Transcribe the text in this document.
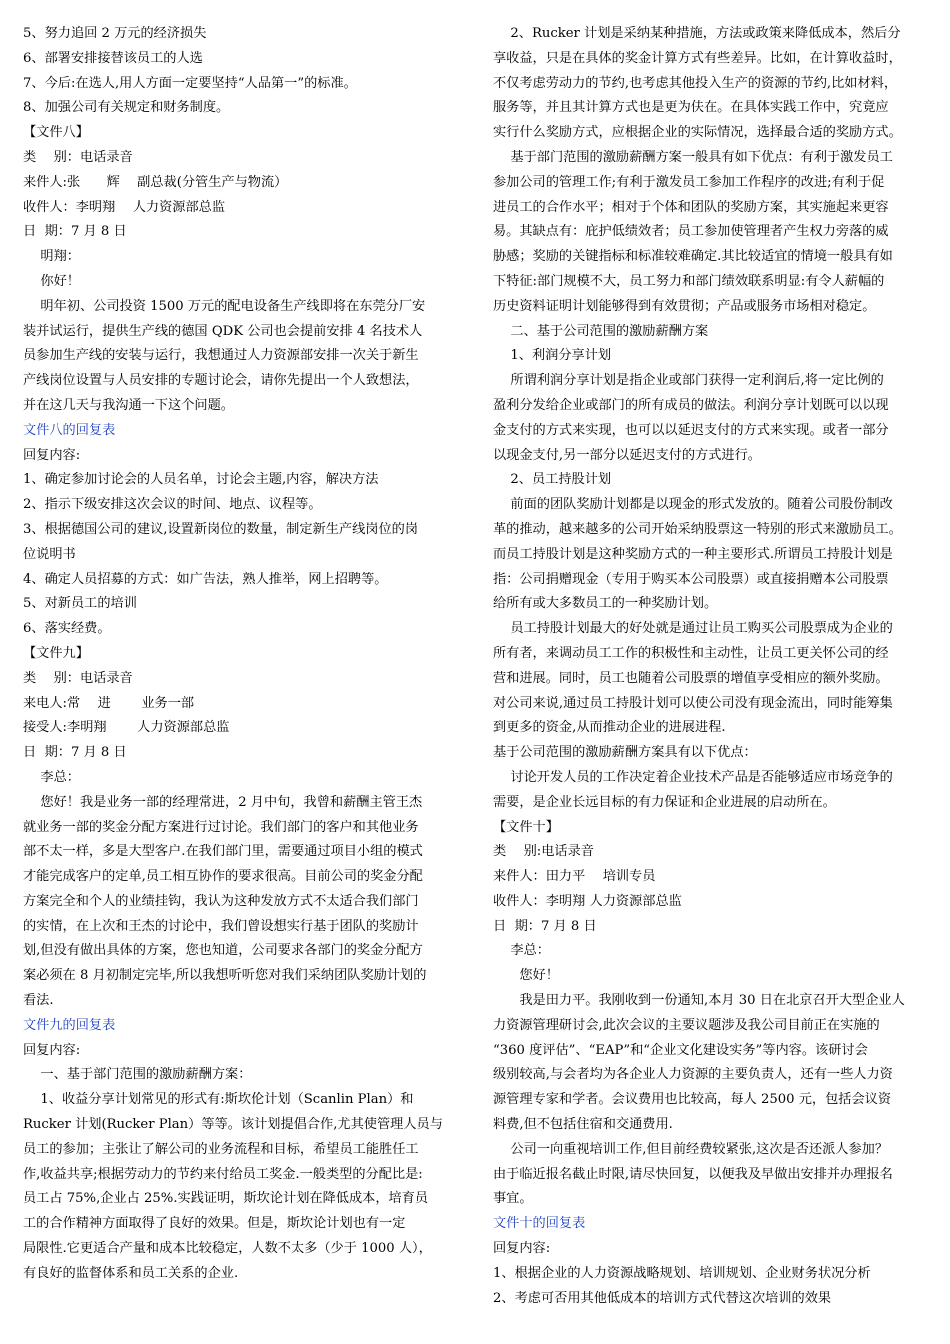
5、努力追回 2 万元的经济损失
6、部署安排接替该员工的人选
7、今后:在选人,用人方面一定要坚持“人品第一”的标准。
8、加强公司有关规定和财务制度。
【文件八】
类　 别：电话录音
来件人:张　　辉　 副总裁(分管生产与物流）
收件人：李明翔　 人力资源部总监
日  期：7 月 8 日
　 明翔：
　 你好！
　 明年初、公司投资 1500 万元的配电设备生产线即将在东莞分厂安
装并试运行，提供生产线的德国 QDK 公司也会提前安排 4 名技术人
员参加生产线的安装与运行，我想通过人力资源部安排一次关于新生
产线岗位设置与人员安排的专题讨论会，请你先提出一个人致想法，
并在这几天与我沟通一下这个问题。
文件八的回复表
回复内容:
1、确定参加讨论会的人员名单，讨论会主题,内容，解决方法
2、指示下级安排这次会议的时间、地点、议程等。
3、根据德国公司的建议,设置新岗位的数量，制定新生产线岗位的岗
位说明书
4、确定人员招募的方式：如广告法，熟人推举，网上招聘等。
5、对新员工的培训
6、落实经费。
【文件九】
类　 别：电话录音
来电人:常　 进　　 业务一部
接受人:李明翔　　 人力资源部总监
日  期：7 月 8 日
　 李总：
　 您好！我是业务一部的经理常进，2 月中旬，我曾和薪酬主管王杰
就业务一部的奖金分配方案进行过讨论。我们部门的客户和其他业务
部不太一样，多是大型客户.在我们部门里，需要通过项目小组的模式
才能完成客户的定单,员工相互协作的要求很高。目前公司的奖金分配
方案完全和个人的业绩挂钩，我认为这种发放方式不太适合我们部门
的实情，在上次和王杰的讨论中，我们曾设想实行基于团队的奖励计
划,但没有做出具体的方案，您也知道，公司要求各部门的奖金分配方
案必须在 8 月初制定完毕,所以我想听听您对我们采纳团队奖励计划的
看法.
文件九的回复表
回复内容:
　 一、基于部门范围的激励薪酬方案：
　 1、收益分享计划常见的形式有:斯坎伦计划（Scanlin Plan）和
Rucker 计划(Rucker Plan）等等。该计划提倡合作,尤其使管理人员与
员工的参加；主张让了解公司的业务流程和目标，希望员工能胜任工
作,收益共享;根据劳动力的节约来付给员工奖金.一般类型的分配比是:
员工占 75%,企业占 25%.实践证明，斯坎论计划在降低成本，培育员
工的合作精神方面取得了良好的效果。但是，斯坎论计划也有一定
局限性.它更适合产量和成本比较稳定，人数不太多（少于 1000 人），
有良好的监督体系和员工关系的企业.
　 2、Rucker 计划是采纳某种措施，方法或政策来降低成本，然后分
享收益，只是在具体的奖金计算方式有些差异。比如，在计算收益时，
不仅考虑劳动力的节约,也考虑其他投入生产的资源的节约,比如材料，
服务等，并且其计算方式也是更为伕在。在具体实践工作中，究竟应
实行什么奖励方式，应根据企业的实际情况，选择最合适的奖励方式。
　 基于部门范围的激励薪酬方案一般具有如下优点：有利于激发员工
参加公司的管理工作;有利于激发员工参加工作程序的改进;有利于促
进员工的合作水平；相对于个体和团队的奖励方案，其实施起来更容
易。其缺点有：庇护低绩效者；员工参加使管理者产生权力旁落的威
胁感；奖励的关键指标和标准较难确定.其比较适宜的情境一般具有如
下特征:部门规模不大，员工努力和部门绩效联系明显:有令人薪幅的
历史资料证明计划能够得到有效贯彻；产品或服务市场相对稳定。
　 二、基于公司范围的激励薪酬方案
　 1、利润分享计划
　 所谓利润分享计划是指企业或部门获得一定利润后,将一定比例的
盈利分发给企业或部门的所有成员的做法。利润分享计划既可以以现
金支付的方式来实现，也可以以延迟支付的方式来实现。或者一部分
以现金支付,另一部分以延迟支付的方式进行。
　 2、员工持股计划
　 前面的团队奖励计划都是以现金的形式发放的。随着公司股份制改
革的推动，越来越多的公司开始采纳股票这一特别的形式来激励员工。
而员工持股计划是这种奖励方式的一种主要形式.所谓员工持股计划是
指：公司捐赠现金（专用于购买本公司股票）或直接捐赠本公司股票
给所有或大多数员工的一种奖励计划。
　 员工持股计划最大的好处就是通过让员工购买公司股票成为企业的
所有者，来调动员工工作的积极性和主动性，让员工更关怀公司的经
营和进展。同时，员工也随着公司股票的增值享受相应的额外奖励。
对公司来说,通过员工持股计划可以使公司没有现金流出，同时能筹集
到更多的资金,从而推动企业的进展进程.
基于公司范围的激励薪酬方案具有以下优点：
　 讨论开发人员的工作决定着企业技术产品是否能够适应市场竞争的
需要，是企业长远目标的有力保证和企业进展的启动所在。
【文件十】
类　 别:电话录音
来件人：田力平　 培训专员
收件人：李明翔 人力资源部总监
日  期：7 月 8 日
　 李总：
　　您好！
　　我是田力平。我刚收到一份通知,本月 30 日在北京召开大型企业人
力资源管理研讨会,此次会议的主要议题涉及我公司目前正在实施的
“360 度评估”、“EAP”和“企业文化建设实务”等内容。该研讨会
级别较高,与会者均为各企业人力资源的主要负责人，还有一些人力资
源管理专家和学者。会议费用也比较高，每人 2500 元，包括会议资
料费,但不包括住宿和交通费用.
　 公司一向重视培训工作,但目前经费较紧张,这次是否还派人参加？
由于临近报名截止时限,请尽快回复，以便我及早做出安排并办理报名
事宜。
文件十的回复表
回复内容:
1、根据企业的人力资源战略规划、培训规划、企业财务状况分析
2、考虑可否用其他低成本的培训方式代替这次培训的效果
